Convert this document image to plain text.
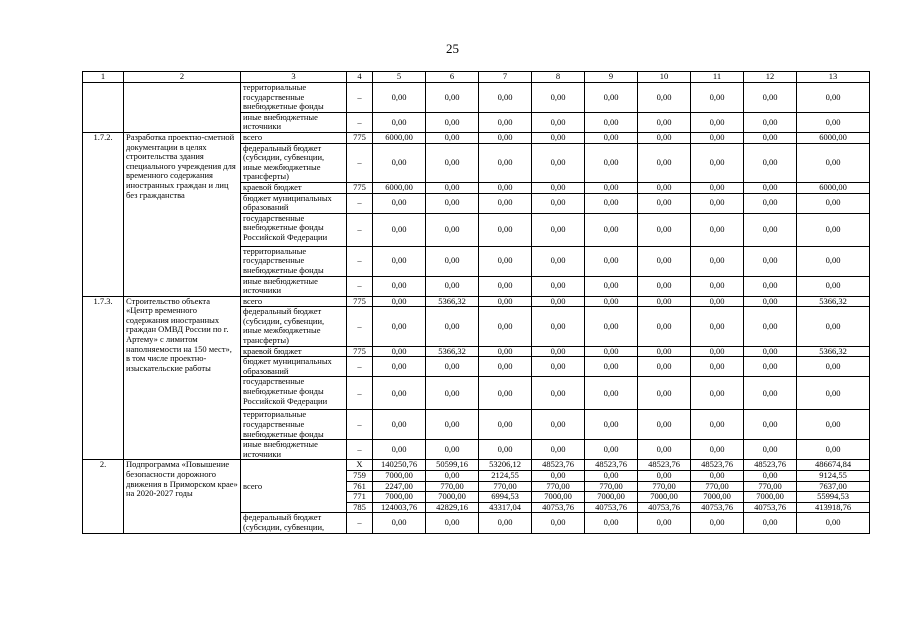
25
1	2	3	4	5	6	7	8	9	10	11	12	13
		территориальные государственные внебюджетные фонды	–	0,00	0,00	0,00	0,00	0,00	0,00	0,00	0,00	0,00
		иные внебюджетные источники	–	0,00	0,00	0,00	0,00	0,00	0,00	0,00	0,00	0,00
1.7.2.	Разработка проектно-сметной документации в целях строительства здания специального учреждения для временного содержания иностранных граждан и лиц без гражданства	всего	775	6000,00	0,00	0,00	0,00	0,00	0,00	0,00	0,00	6000,00
		федеральный бюджет (субсидии, субвенции, иные межбюджетные трансферты)	–	0,00	0,00	0,00	0,00	0,00	0,00	0,00	0,00	0,00
		краевой бюджет	775	6000,00	0,00	0,00	0,00	0,00	0,00	0,00	0,00	6000,00
		бюджет муниципальных образований	–	0,00	0,00	0,00	0,00	0,00	0,00	0,00	0,00	0,00
		государственные внебюджетные фонды Российской Федерации	–	0,00	0,00	0,00	0,00	0,00	0,00	0,00	0,00	0,00
		территориальные государственные внебюджетные фонды	–	0,00	0,00	0,00	0,00	0,00	0,00	0,00	0,00	0,00
		иные внебюджетные источники	–	0,00	0,00	0,00	0,00	0,00	0,00	0,00	0,00	0,00
1.7.3.	Строительство объекта «Центр временного содержания иностранных граждан ОМВД России по г. Артему» с лимитом наполняемости на 150 мест», в том числе проектно-изыскательские работы	всего	775	0,00	5366,32	0,00	0,00	0,00	0,00	0,00	0,00	5366,32
		федеральный бюджет (субсидии, субвенции, иные межбюджетные трансферты)	–	0,00	0,00	0,00	0,00	0,00	0,00	0,00	0,00	0,00
		краевой бюджет	775	0,00	5366,32	0,00	0,00	0,00	0,00	0,00	0,00	5366,32
		бюджет муниципальных образований	–	0,00	0,00	0,00	0,00	0,00	0,00	0,00	0,00	0,00
		государственные внебюджетные фонды Российской Федерации	–	0,00	0,00	0,00	0,00	0,00	0,00	0,00	0,00	0,00
		территориальные государственные внебюджетные фонды	–	0,00	0,00	0,00	0,00	0,00	0,00	0,00	0,00	0,00
		иные внебюджетные источники	–	0,00	0,00	0,00	0,00	0,00	0,00	0,00	0,00	0,00
2.	Подпрограмма «Повышение безопасности дорожного движения в Приморском крае» на 2020-2027 годы	всего	X	140250,76	50599,16	53206,12	48523,76	48523,76	48523,76	48523,76	48523,76	486674,84
			759	7000,00	0,00	2124,55	0,00	0,00	0,00	0,00	0,00	9124,55
			761	2247,00	770,00	770,00	770,00	770,00	770,00	770,00	770,00	7637,00
			771	7000,00	7000,00	6994,53	7000,00	7000,00	7000,00	7000,00	7000,00	55994,53
			785	124003,76	42829,16	43317,04	40753,76	40753,76	40753,76	40753,76	40753,76	413918,76
		федеральный бюджет (субсидии, субвенции,	–	0,00	0,00	0,00	0,00	0,00	0,00	0,00	0,00	0,00
